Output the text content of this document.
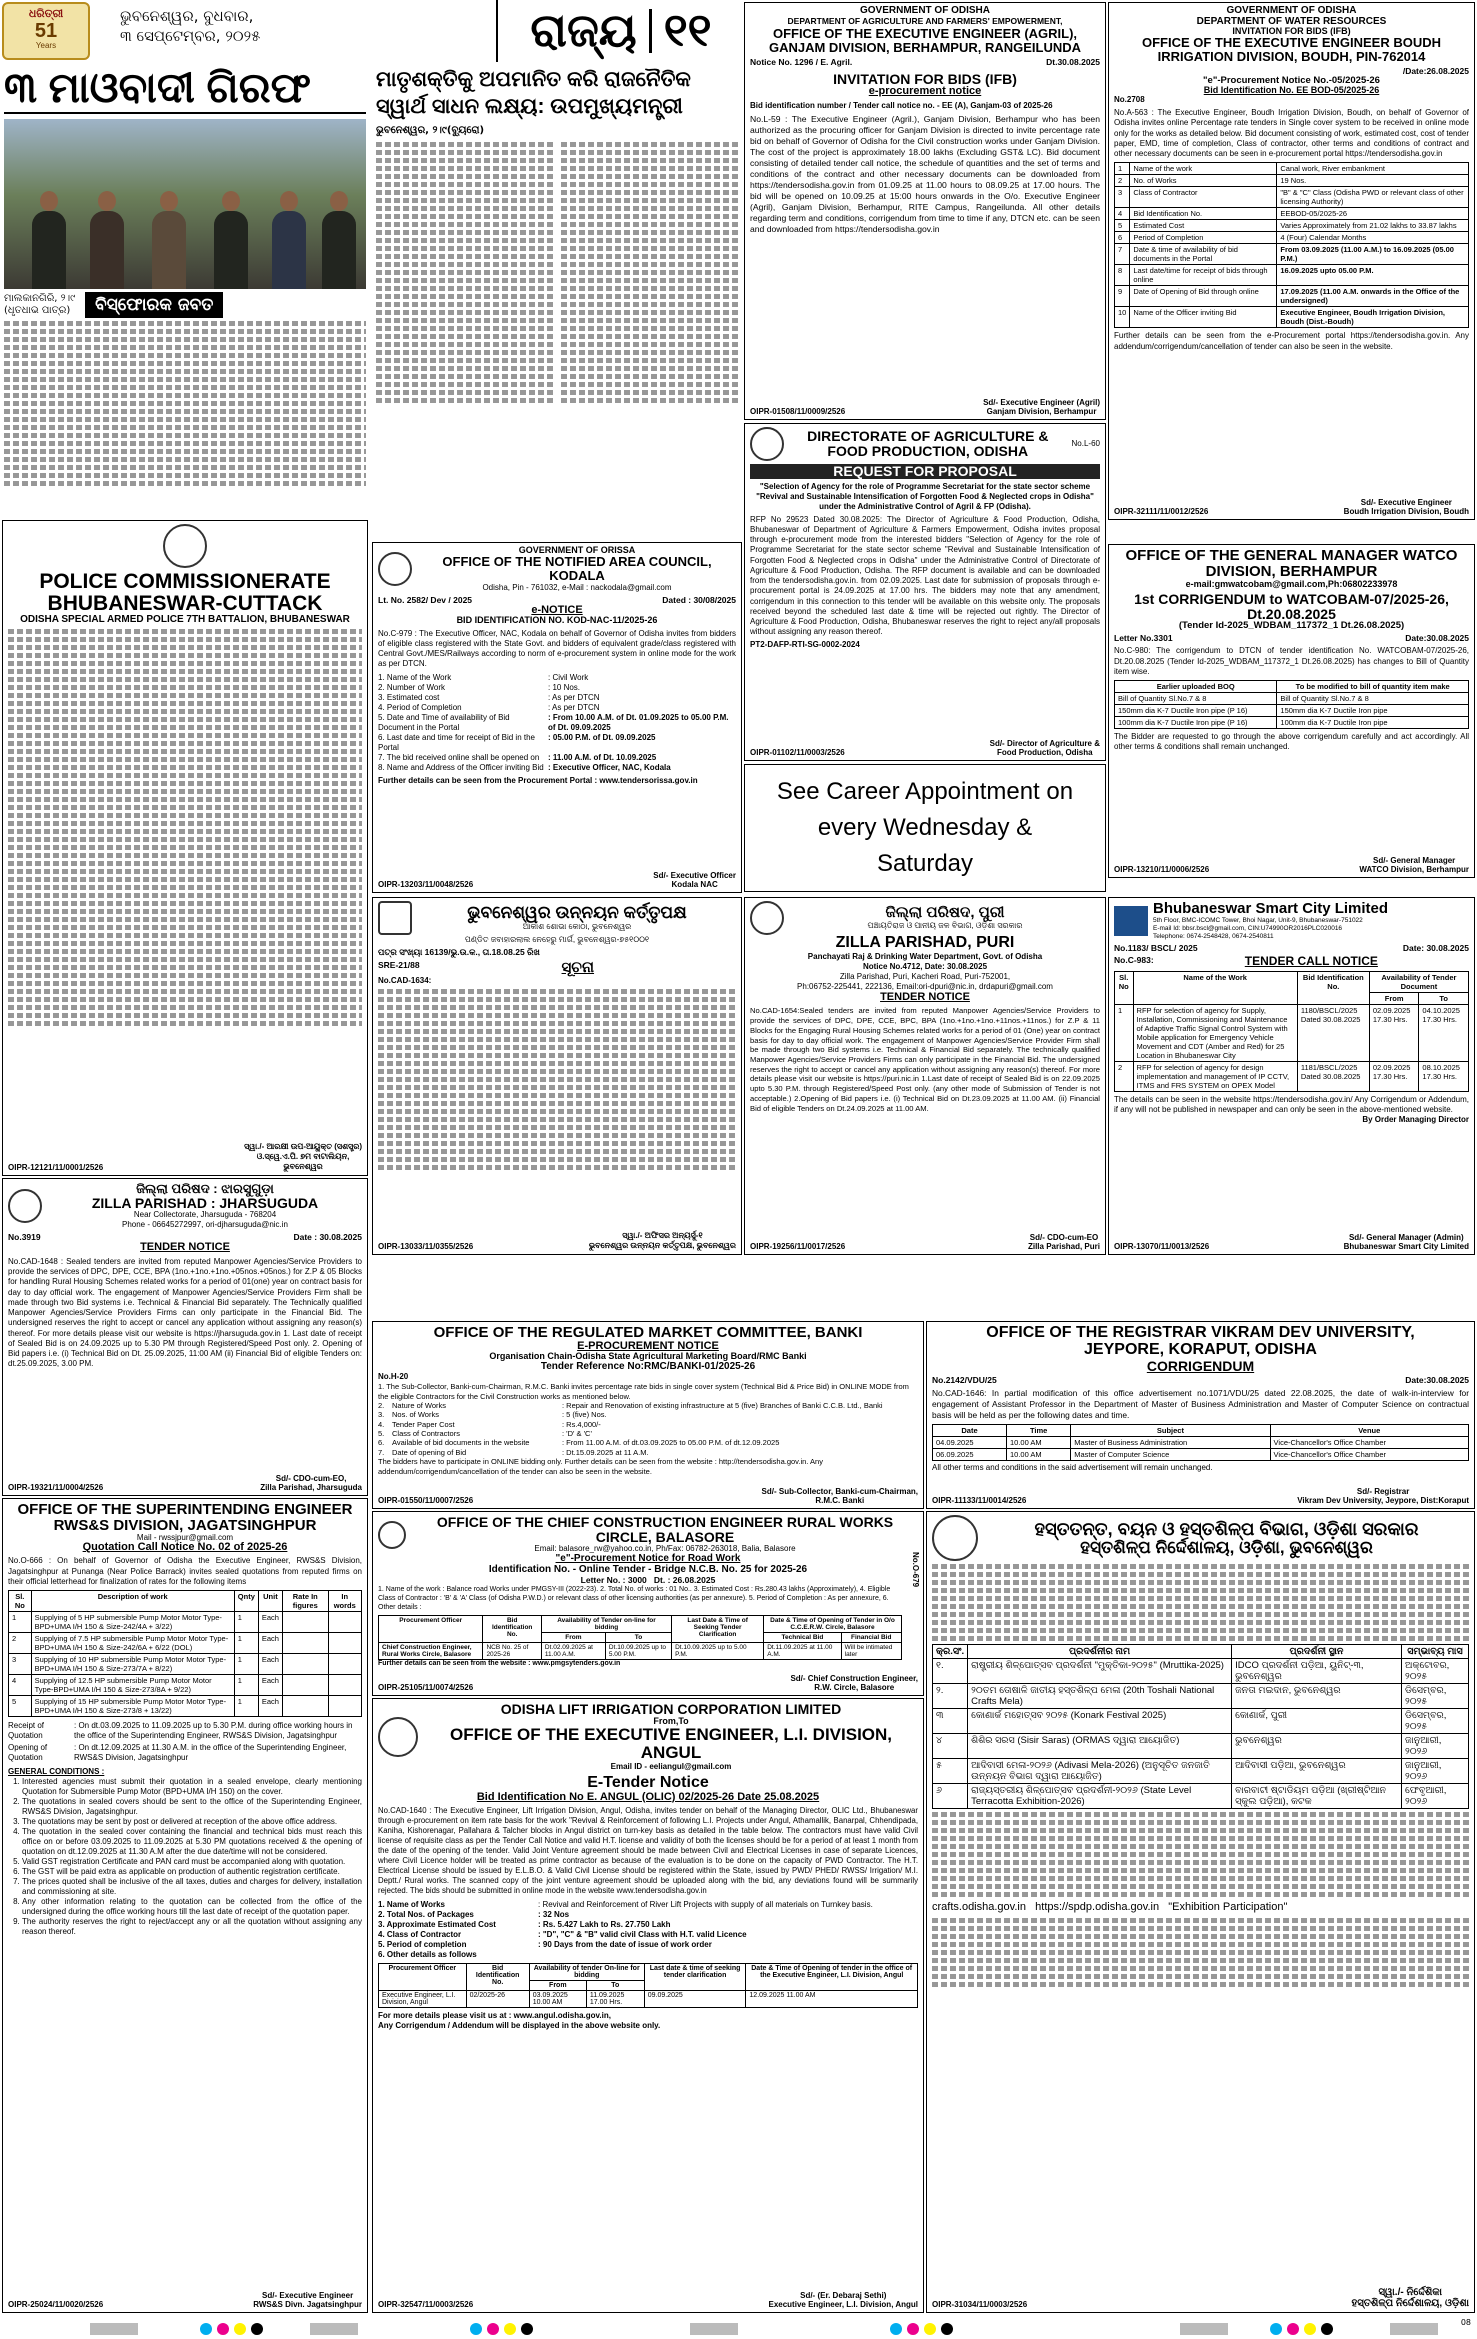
ଧରିତ୍ରୀ
51
Years
ଭୁବନେଶ୍ୱର, ବୁଧବାର,
୩ ସେପ୍ଟେମ୍ବର, ୨୦୨୫	ରାଜ୍ୟ ୧୧
୩ ମାଓବାଦୀ ଗିରଫ
ମାଲକାନଗିରି, ୨।୯
(ଧୃତଧାଭ ପାତ୍ର)	ବିସ୍ଫୋରକ ଜବତ
ମାତୃଶକ୍ତିକୁ ଅପମାନିତ କରି ରାଜନୈତିକ ସ୍ୱାର୍ଥ ସାଧନ ଲକ୍ଷ୍ୟ: ଉପମୁଖ୍ୟମନ୍ତ୍ରୀ
ଭୁବନେଶ୍ୱର, ୨।୯(ବ୍ୟୁରୋ)
GOVERNMENT OF ODISHA
DEPARTMENT OF AGRICULTURE AND FARMERS' EMPOWERMENT,
OFFICE OF THE EXECUTIVE ENGINEER (AGRIL), GANJAM DIVISION, BERHAMPUR, RANGEILUNDA
Notice No. 1296 / E. Agril.	Dt.30.08.2025
INVITATION FOR BIDS (IFB)
e-procurement notice
Bid identification number / Tender call notice no. - EE (A), Ganjam-03 of 2025-26
No.L-59 : The Executive Engineer (Agril.), Ganjam Division, Berhampur who has been authorized as the procuring officer for Ganjam Division is directed to invite percentage rate bid on behalf of Governor of Odisha for the Civil construction works under Ganjam Division. The cost of the project is approximately 18.00 lakhs (Excluding GST& LC). Bid document consisting of detailed tender call notice, the schedule of quantities and the set of terms and conditions of the contract and other necessary documents can be downloaded from https://tendersodisha.gov.in from 01.09.25 at 11.00 hours to 08.09.25 at 17.00 hours. The bid will be opened on 10.09.25 at 15:00 hours onwards in the O/o. Executive Engineer (Agril), Ganjam Division, Berhampur, RITE Campus, Rangeilunda. All other details regarding term and conditions, corrigendum from time to time if any, DTCN etc. can be seen and downloaded from https://tendersodisha.gov.in
OIPR-01508/11/0009/2526
Sd/- Executive Engineer (Agril)
Ganjam Division, Berhampur
GOVERNMENT OF ODISHA
DEPARTMENT OF WATER RESOURCES
INVITATION FOR BIDS (IFB)
OFFICE OF THE EXECUTIVE ENGINEER BOUDH IRRIGATION DIVISION, BOUDH, PIN-762014
/Date:26.08.2025
"e"-Procurement Notice No.-05/2025-26
Bid Identification No. EE BOD-05/2025-26
No.2708
No.A-563 : The Executive Engineer, Boudh Irrigation Division, Boudh, on behalf of Governor of Odisha invites online Percentage rate tenders in Single cover system to be received in online mode only for the works as detailed below. Bid document consisting of work, estimated cost, cost of tender paper, EMD, time of completion, Class of contractor, other terms and conditions of contract and other necessary documents can be seen in e-procurement portal https://tendersodisha.gov.in
1	Name of the work	Canal work, River embankment
2	No. of Works	19 Nos.
3	Class of Contractor	"B" & "C" Class (Odisha PWD or relevant class of other licensing Authority)
4	Bid Identification No.	EEBOD-05/2025-26
5	Estimated Cost	Varies Approximately from 21.02 lakhs to 33.87 lakhs
6	Period of Completion	4 (Four) Calendar Months
7	Date & time of availability of bid documents in the Portal	From 03.09.2025 (11.00 A.M.) to 16.09.2025 (05.00 P.M.)
8	Last date/time for receipt of bids through online	16.09.2025 upto 05.00 P.M.
9	Date of Opening of Bid through online	17.09.2025 (11.00 A.M. onwards in the Office of the undersigned)
10	Name of the Officer inviting Bid	Executive Engineer, Boudh Irrigation Division, Boudh (Dist.-Boudh)
Further details can be seen from the e-Procurement portal https://tendersodisha.gov.in. Any addendum/corrigendum/cancellation of tender can also be seen in the website.
OIPR-32111/11/0012/2526
Sd/- Executive Engineer
Boudh Irrigation Division, Boudh
DIRECTORATE OF AGRICULTURE & FOOD PRODUCTION, ODISHA	No.L-60
REQUEST FOR PROPOSAL
"Selection of Agency for the role of Programme Secretariat for the state sector scheme "Revival and Sustainable Intensification of Forgotten Food & Neglected crops in Odisha" under the Administrative Control of Agril & FP (Odisha).
RFP No 29523 Dated 30.08.2025: The Director of Agriculture & Food Production, Odisha, Bhubaneswar of Department of Agriculture & Farmers Empowerment, Odisha invites proposal through e-procurement mode from the interested bidders "Selection of Agency for the role of Programme Secretariat for the state sector scheme "Revival and Sustainable Intensification of Forgotten Food & Neglected crops in Odisha" under the Administrative Control of Directorate of Agriculture & Food Production, Odisha. The RFP document is available and can be downloaded from the tendersodisha.gov.in. from 02.09.2025. Last date for submission of proposals through e-procurement portal is 24.09.2025 at 17.00 hrs. The bidders may note that any amendment, corrigendum in this connection to this tender will be available on this website only. The proposals received beyond the scheduled last date & time will be rejected out rightly. The Director of Agriculture & Food Production, Odisha, Bhubaneswar reserves the right to reject any/all proposals without assigning any reason thereof.
PT2-DAFP-RTI-SG-0002-2024
OIPR-01102/11/0003/2526
Sd/- Director of Agriculture &
Food Production, Odisha
POLICE COMMISSIONERATE
BHUBANESWAR-CUTTACK
ODISHA SPECIAL ARMED POLICE 7TH BATTALION, BHUBANESWAR
OIPR-12121/11/0001/2526
ସ୍ୱା./- ଆରକ୍ଷୀ ଉପ-ଆୟୁକ୍ତ (ସଶସ୍ତ୍ର)
ଓ.ସ୍ୱେ.ଏ.ପି. ୭ମ ବାଟାଲିୟନ,
ଭୁବନେଶ୍ୱର
GOVERNMENT OF ORISSA
OFFICE OF THE NOTIFIED AREA COUNCIL, KODALA
Odisha, Pin - 761032, e-Mail : nackodala@gmail.com
Lt. No. 2582/ Dev / 2025	Dated : 30/08/2025
e-NOTICE
BID IDENTIFICATION NO. KOD-NAC-11/2025-26
No.C-979 : The Executive Officer, NAC, Kodala on behalf of Governor of Odisha invites from bidders of eligible class registered with the State Govt. and bidders of equivalent grade/class registered with Central Govt./MES/Railways according to norm of e-procurement system in online mode for the work as per DTCN.
1. Name of the Work	: Civil Work
2. Number of Work	: 10 Nos.
3. Estimated cost	: As per DTCN
4. Period of Completion	: As per DTCN
5. Date and Time of availability of Bid Document in the Portal
: From 10.00 A.M. of Dt. 01.09.2025 to 05.00 P.M. of Dt. 09.09.2025
6. Last date and time for receipt of Bid in the Portal
: 05.00 P.M. of Dt. 09.09.2025
7. The bid received online shall be opened on	: 11.00 A.M. of Dt. 10.09.2025
8. Name and Address of the Officer inviting Bid : Executive Officer, NAC, Kodala
Further details can be seen from the Procurement Portal : www.tendersorissa.gov.in
OIPR-13203/11/0048/2526
Sd/- Executive Officer
Kodala NAC
OFFICE OF THE GENERAL MANAGER WATCO DIVISION, BERHAMPUR
e-mail:gmwatcobam@gmail.com,Ph:06802233978
1st CORRIGENDUM to WATCOBAM-07/2025-26, Dt.20.08.2025
(Tender Id-2025_WDBAM_117372_1 Dt.26.08.2025)
Letter No.3301	Date:30.08.2025
No.C-980: The corrigendum to DTCN of tender identification No. WATCOBAM-07/2025-26, Dt.20.08.2025 (Tender Id-2025_WDBAM_117372_1 Dt.26.08.2025) has changes to Bill of Quantity item wise.
Earlier uploaded BOQ	To be modified to bill of quantity item make
Bill of Quantity Sl.No.7 & 8	Bill of Quantity Sl.No.7 & 8
150mm dia K-7 Ductile Iron pipe (P 16)	150mm dia K-7 Ductile Iron pipe
100mm dia K-7 Ductile Iron pipe (P 16)	100mm dia K-7 Ductile Iron pipe
The Bidder are requested to go through the above corrigendum carefully and act accordingly. All other terms & conditions shall remain unchanged.
OIPR-13210/11/0006/2526
Sd/- General Manager
WATCO Division, Berhampur
See Career Appointment on every Wednesday & Saturday
ଭୁବନେଶ୍ୱର ଉନ୍ନୟନ କର୍ତ୍ତୃପକ୍ଷ
ଆକାଶ ଶୋଭା କୋଠା, ଭୁବନେଶ୍ୱର
ପଣ୍ଡିତ ଜବାହାରଲାଲ ନେହେରୁ ମାର୍ଗ, ଭୁବନେଶ୍ୱର-୭୫୧୦୦୧
ପତ୍ର ସଂଖ୍ୟା 16139/ଭୁ.ଉ.କ., ତା.18.08.25 ରିଖ
SRE-21/88	ସୂଚନା
No.CAD-1634:
OIPR-13033/11/0355/2526
ସ୍ୱା./- ଅଫିସର ଅନ୍ୟର୍ସୁ-୧
ଭୁବନେଶ୍ୱର ଉନ୍ନୟନ କର୍ତ୍ତୃପକ୍ଷ, ଭୁବନେଶ୍ୱର
ଜିଲ୍ଲା ପରିଷଦ, ପୁରୀ
ପଞ୍ଚାୟତିରାଜ ଓ ପାନୀୟ ଜଳ ବିଭାଗ, ଓଡ଼ିଶା ସରକାର
ZILLA PARISHAD, PURI
Panchayati Raj & Drinking Water Department, Govt. of Odisha
Notice No.4712, Date: 30.08.2025
Zilla Parishad, Puri, Kacheri Road, Puri-752001,
Ph:06752-225441, 222136, Email:ori-dpuri@nic.in, drdapuri@gmail.com
TENDER NOTICE
No.CAD-1654:Sealed tenders are invited from reputed Manpower Agencies/Service Providers to provide the services of DPC, DPE, CCE, BPC, BPA (1no.+1no.+1no.+11nos.+11nos.) for Z.P & 11 Blocks for the Engaging Rural Housing Schemes related works for a period of 01 (One) year on contract basis for day to day official work. The engagement of Manpower Agencies/Service Provider Firm shall be made through two Bid systems i.e. Technical & Financial Bid separately. The technically qualified Manpower Agencies/Service Providers Firms can only participate in the Financial Bid. The undersigned reserves the right to accept or cancel any application without assigning any reason(s) thereof. For more details please visit our website is https://puri.nic.in 1.Last date of receipt of Sealed Bid is on 22.09.2025 upto 5.30 P.M. through Registered/Speed Post only. (any other mode of Submission of Tender is not acceptable.) 2.Opening of Bid papers i.e. (i) Technical Bid on Dt.23.09.2025 at 11.00 AM. (ii) Financial Bid of eligible Tenders on Dt.24.09.2025 at 11.00 AM.
OIPR-19256/11/0017/2526
Sd/- CDO-cum-EO
Zilla Parishad, Puri
Bhubaneswar Smart City Limited
5th Floor, BMC-ICOMC Tower, Bhoi Nagar, Unit-9, Bhubaneswar-751022
E-mail Id: bbsr.bscl@gmail.com, CIN:U74990OR2016PLC020016
Telephone: 0674-2548428, 0674-2540811
No.1183/ BSCL/ 2025	Date: 30.08.2025
No.C-983:	TENDER CALL NOTICE
Sl. No	Name of the Work	Bid Identification No.	Availability of Tender Document	
			From	To
1	RFP for selection of agency for Supply, Installation, Commissioning and Maintenance of Adaptive Traffic Signal Control System with Mobile application for Emergency Vehicle Movement and CDT (Amber and Red) for 25 Location in Bhubaneswar City	1180/BSCL/2025 Dated 30.08.2025	02.09.2025 17.30 Hrs.	04.10.2025 17.30 Hrs.
2	RFP for selection of agency for design implementation and management of IP CCTV, ITMS and FRS SYSTEM on OPEX Model	1181/BSCL/2025 Dated 30.08.2025	02.09.2025 17.30 Hrs.	08.10.2025 17.30 Hrs.
The details can be seen in the website https://tendersodisha.gov.in/ Any Corrigendum or Addendum, if any will not be published in newspaper and can only be seen in the above-mentioned website.
By Order Managing Director
OIPR-13070/11/0013/2526
Sd/- General Manager (Admin)
Bhubaneswar Smart City Limited
ଜିଲ୍ଲା ପରିଷଦ : ଝାରସୁଗୁଡ଼ା
ZILLA PARISHAD : JHARSUGUDA
Near Collectorate, Jharsuguda - 768204
Phone - 06645272997, ori-djharsuguda@nic.in
No.3919	Date : 30.08.2025
TENDER NOTICE
No.CAD-1648 : Sealed tenders are invited from reputed Manpower Agencies/Service Providers to provide the services of DPC, DPE, CCE, BPA (1no.+1no.+1no.+05nos.+05nos.) for Z.P & 05 Blocks for handling Rural Housing Schemes related works for a period of 01(one) year on contract basis for day to day official work. The engagement of Manpower Agencies/Service Providers Firm shall be made through two Bid systems i.e. Technical & Financial Bid separately. The Technically qualified Manpower Agencies/Service Providers Firms can only participate in the Financial Bid. The undersigned reserves the right to accept or cancel any application without assigning any reason(s) thereof. For more details please visit our website is https://jharsuguda.gov.in 1. Last date of receipt of Sealed Bid is on 24.09.2025 up to 5.30 PM through Registered/Speed Post only. 2. Opening of Bid papers i.e. (i) Technical Bid on Dt. 25.09.2025, 11:00 AM (ii) Financial Bid of eligible Tenders on: dt.25.09.2025, 3.00 PM.
OIPR-19321/11/0004/2526
Sd/- CDO-cum-EO,
Zilla Parishad, Jharsuguda
OFFICE OF THE REGULATED MARKET COMMITTEE, BANKI
E-PROCUREMENT NOTICE
Organisation Chain-Odisha State Agricultural Marketing Board/RMC Banki
Tender Reference No:RMC/BANKI-01/2025-26
No.H-20
1. The Sub-Collector, Banki-cum-Chairman, R.M.C. Banki invites percentage rate bids in single cover system (Technical Bid & Price Bid) in ONLINE MODE from the eligible Contractors for the Civil Construction works as mentioned below.
2.	Nature of Works	: Repair and Renovation of existing infrastructure at 5 (five) Branches of Banki C.C.B. Ltd., Banki
3.	Nos. of Works	: 5 (five) Nos.
4.	Tender Paper Cost	: Rs.4,000/-
5.	Class of Contractors	: 'D' & 'C'
6.	Available of bid documents in the website	: From 11.00 A.M. of dt.03.09.2025 to 05.00 P.M. of dt.12.09.2025
7.	Date of opening of Bid	: Dt.15.09.2025 at 11 A.M.
The bidders have to participate in ONLINE bidding only. Further details can be seen from the website : http://tendersodisha.gov.in. Any addendum/corrigendum/cancellation of the tender can also be seen in the website.
OIPR-01550/11/0007/2526
Sd/- Sub-Collector, Banki-cum-Chairman,
R.M.C. Banki
OFFICE OF THE REGISTRAR VIKRAM DEV UNIVERSITY, JEYPORE, KORAPUT, ODISHA
CORRIGENDUM
No.2142/VDU/25	Date:30.08.2025
No.CAD-1646: In partial modification of this office advertisement no.1071/VDU/25 dated 22.08.2025, the date of walk-in-interview for engagement of Assistant Professor in the Department of Master of Business Administration and Master of Computer Science on contractual basis will be held as per the following dates and time.
Date	Time	Subject	Venue
04.09.2025	10.00 AM	Master of Business Administration	Vice-Chancellor's Office Chamber
06.09.2025	10.00 AM	Master of Computer Science	Vice-Chancellor's Office Chamber
All other terms and conditions in the said advertisement will remain unchanged.
OIPR-11133/11/0014/2526
Sd/- Registrar
Vikram Dev University, Jeypore, Dist:Koraput
OFFICE OF THE SUPERINTENDING ENGINEER RWS&S DIVISION, JAGATSINGHPUR
Mail - rwssjpur@gmail.com
Quotation Call Notice No. 02 of 2025-26
No.O-666 : On behalf of Governor of Odisha the Executive Engineer, RWS&S Division, Jagatsinghpur at Punanga (Near Police Barrack) invites sealed quotations from reputed firms on their official letterhead for finalization of rates for the following items
Sl. No	Description of work	Qnty	Unit	Rate In figures	In words
1	Supplying of 5 HP submersible Pump Motor Motor Type-BPD+UMA I/H 150 & Size-242/4A + 3/22)	1	Each		
2	Supplying of 7.5 HP submersible Pump Motor Motor Type-BPD+UMA I/H 150 & Size-242/6A + 6/22 (DOL)	1	Each		
3	Supplying of 10 HP submersible Pump Motor Motor Type-BPD+UMA I/H 150 & Size-273/7A + 8/22)	1	Each		
4	Supplying of 12.5 HP submersible Pump Motor Motor Type-BPD+UMA I/H 150 & Size-273/8A + 9/22)	1	Each		
5	Supplying of 15 HP submersible Pump Motor Motor Type-BPD+UMA I/H 150 & Size-273/8 + 13/22)	1	Each		
Receipt of Quotation
: On dt.03.09.2025 to 11.09.2025 up to 5.30 P.M. during office working hours in the office of the Superintending Engineer, RWS&S Division, Jagatsinghpur
Opening of Quotation
: On dt.12.09.2025 at 11.30 A.M. in the office of the Superintending Engineer, RWS&S Division, Jagatsinghpur
GENERAL CONDITIONS :
1. Interested agencies must submit their quotation in a sealed envelope, clearly mentioning Quotation for Submersible Pump Motor (BPD+UMA I/H 150) on the cover.
2. The quotations in sealed covers should be sent to the office of the Superintending Engineer, RWS&S Division, Jagatsinghpur.
3. The quotations may be sent by post or delivered at reception of the above office address.
4. The quotation in the sealed cover containing the financial and technical bids must reach this office on or before 03.09.2025 to 11.09.2025 at 5.30 PM quotations received & the opening of quotation on dt.12.09.2025 at 11.30 A.M after the due date/time will not be considered.
5. Valid GST registration Certificate and PAN card must be accompanied along with quotation.
6. The GST will be paid extra as applicable on production of authentic registration certificate.
7. The prices quoted shall be inclusive of the all taxes, duties and charges for delivery, installation and commissioning at site.
8. Any other information relating to the quotation can be collected from the office of the undersigned during the office working hours till the last date of receipt of the quotation paper.
9. The authority reserves the right to reject/accept any or all the quotation without assigning any reason thereof.
OIPR-25024/11/0020/2526
Sd/- Executive Engineer
RWS&S Divn. Jagatsinghpur
No.O-679
OFFICE OF THE CHIEF CONSTRUCTION ENGINEER RURAL WORKS CIRCLE, BALASORE
Email: balasore_rw@yahoo.co.in, Ph/Fax: 06782-263018, Balia, Balasore
"e"-Procurement Notice for Road Work
Identification No. - Online Tender - Bridge N.C.B. No. 25 for 2025-26
Letter No. : 3000 Dt. : 26.08.2025
1. Name of the work : Balance road Works under PMGSY-III (2022-23). 2. Total No. of works : 01 No.. 3. Estimated Cost : Rs.280.43 lakhs (Approximately), 4. Eligible Class of Contractor : 'B' & 'A' Class (of Odisha P.W.D.) or relevant class of other licensing authorities (as per annexure). 5. Period of Completion : As per annexure, 6. Other details :
Procurement Officer	Bid Identification No.	Availability of Tender on-line for bidding		Last Date & Time of Seeking Tender Clarification	Date & Time of Opening of Tender in O/o C.C.E.R.W. Circle, Balasore	
		From	To		Technical Bid	Financial Bid
Chief Construction Engineer, Rural Works Circle, Balasore	NCB No. 25 of 2025-26	Dt.02.09.2025 at 11.00 A.M.	Dt.10.09.2025 up to 5.00 P.M.	Dt.10.09.2025 up to 5.00 P.M.	Dt.11.09.2025 at 11.00 A.M.	Will be intimated later
Further details can be seen from the website : www.pmgsytenders.gov.in
OIPR-25105/11/0074/2526
Sd/- Chief Construction Engineer,
R.W. Circle, Balasore
ODISHA LIFT IRRIGATION CORPORATION LIMITED
From,To
OFFICE OF THE EXECUTIVE ENGINEER, L.I. DIVISION, ANGUL
Email ID - eeliangul@gmail.com
E-Tender Notice
Bid Identification No E. ANGUL (OLIC) 02/2025-26 Date 25.08.2025
No.CAD-1640 : The Executive Engineer, Lift Irrigation Division, Angul, Odisha, invites tender on behalf of the Managing Director, OLIC Ltd., Bhubaneswar through e-procurement on item rate basis for the work "Revival & Reinforcement of following L.I. Projects under Angul, Athamallik, Banarpal, Chhendipada, Kaniha, Kishorenagar, Pallahara & Talcher blocks in Angul district on turn-key basis as detailed in the table below. The contractors must have valid Civil license of requisite class as per the Tender Call Notice and valid H.T. license and validity of both the licenses should be for a period of at least 1 month from the date of the opening of the tender. Valid Joint Venture agreement should be made between Civil and Electrical Licenses in case of separate Licences, where Civil Licence holder will be treated as prime contractor as because of the evaluation is to be done on the capacity of PWD Contractor. The H.T. Electrical License should be issued by E.L.B.O. & Valid Civil License should be registered within the State, issued by PWD/ PHED/ RWSS/ Irrigation/ M.I. Deptt./ Rural works. The scanned copy of the joint venture agreement should be uploaded along with the bid, any deviations found will be summarily rejected. The bids should be submitted in online mode in the website www.tendersodisha.gov.in
1. Name of Works	: Revival and Reinforcement of River Lift Projects with supply of all materials on Turnkey basis.
2. Total Nos. of Packages	: 32 Nos
3. Approximate Estimated Cost	: Rs. 5.427 Lakh to Rs. 27.750 Lakh
4. Class of Contractor	: "D", "C" & "B" valid civil Class with H.T. valid Licence
5. Period of completion	: 90 Days from the date of issue of work order
6. Other details as follows
Procurement Officer	Bid Identification No.	Availability of tender On-line for bidding		Last date & time of seeking tender clarification	Date & Time of Opening of tender in the office of the Executive Engineer, L.I. Division, Angul
		From	To		
Executive Engineer, L.I. Division, Angul	02/2025-26	03.09.2025 10.00 AM	11.09.2025 17.00 Hrs.	09.09.2025	12.09.2025 11.00 AM
For more details please visit us at : www.angul.odisha.gov.in,
Any Corrigendum / Addendum will be displayed in the above website only.
OIPR-32547/11/0003/2526
Sd/- (Er. Debaraj Sethi)
Executive Engineer, L.I. Division, Angul
ହସ୍ତତନ୍ତ, ବୟନ ଓ ହସ୍ତଶିଳ୍ପ ବିଭାଗ, ଓଡ଼ିଶା ସରକାର
ହସ୍ତଶିଳ୍ପ ନିର୍ଦ୍ଦେଶାଳୟ, ଓଡ଼ିଶା, ଭୁବନେଶ୍ୱର
କ୍ର.ସଂ.	ପ୍ରଦର୍ଶନୀର ନାମ	ପ୍ରଦର୍ଶନୀ ସ୍ଥାନ	ସମ୍ଭାବ୍ୟ ମାସ
୧.	ରାଷ୍ଟ୍ରୀୟ ଶିଳ୍ପୋତ୍ସବ ପ୍ରଦର୍ଶନୀ "ମୁକ୍ତିକା-୨୦୨୫" (Mruttika-2025)	IDCO ପ୍ରଦର୍ଶନୀ ପଡ଼ିଆ, ୟୁନିଟ୍-୩, ଭୁବନେଶ୍ୱର	ଅକ୍ଟୋବର, ୨୦୨୫
୨.	୨୦ତମ ତୋଷାଳି ଜାତୀୟ ହସ୍ତଶିଳ୍ପ ମେଳା (20th Toshali National Crafts Mela)	ଜନତା ମଇଦାନ, ଭୁବନେଶ୍ୱର	ଡିସେମ୍ବର, ୨୦୨୫
୩	କୋଣାର୍କ ମହୋତ୍ସବ ୨୦୨୫ (Konark Festival 2025)	କୋଣାର୍କ, ପୁରୀ	ଡିସେମ୍ବର, ୨୦୨୫
୪	ଶିଶିର ସରସ (Sisir Saras) (ORMAS ଦ୍ୱାରା ଆୟୋଜିତ)	ଭୁବନେଶ୍ୱର	ଜାନୁଆରୀ, ୨୦୨୬
୫	ଆଦିବାସୀ ମେଳା-୨୦୨୬ (Adivasi Mela-2026) (ଅନୁସୂଚିତ ଜନଜାତି ଉନ୍ନୟନ ବିଭାଗ ଦ୍ୱାରା ଆୟୋଜିତ)	ଆଦିବାସୀ ପଡ଼ିଆ, ଭୁବନେଶ୍ୱର	ଜାନୁଆରୀ, ୨୦୨୬
୬	ରାଜ୍ୟସ୍ତରୀୟ ଶିଳ୍ପୋତ୍ସବ ପ୍ରଦର୍ଶନୀ-୨୦୨୬ (State Level Terracotta Exhibition-2026)	ବାରବାଟୀ ଷ୍ଟାଡିୟମ ପଡ଼ିଆ (ଖ୍ରୀଷ୍ଟିଆନ ସ୍କୁଲ ପଡ଼ିଆ), କଟକ	ଫେବୃଆରୀ, ୨୦୨୬
crafts.odisha.gov.in https://spdp.odisha.gov.in   "Exhibition Participation"
OIPR-31034/11/0003/2526
ସ୍ୱା./- ନିର୍ଦ୍ଦେଶିକା
ହସ୍ତଶିଳ୍ପ ନିର୍ଦ୍ଦେଶାଳୟ, ଓଡ଼ିଶା
08
